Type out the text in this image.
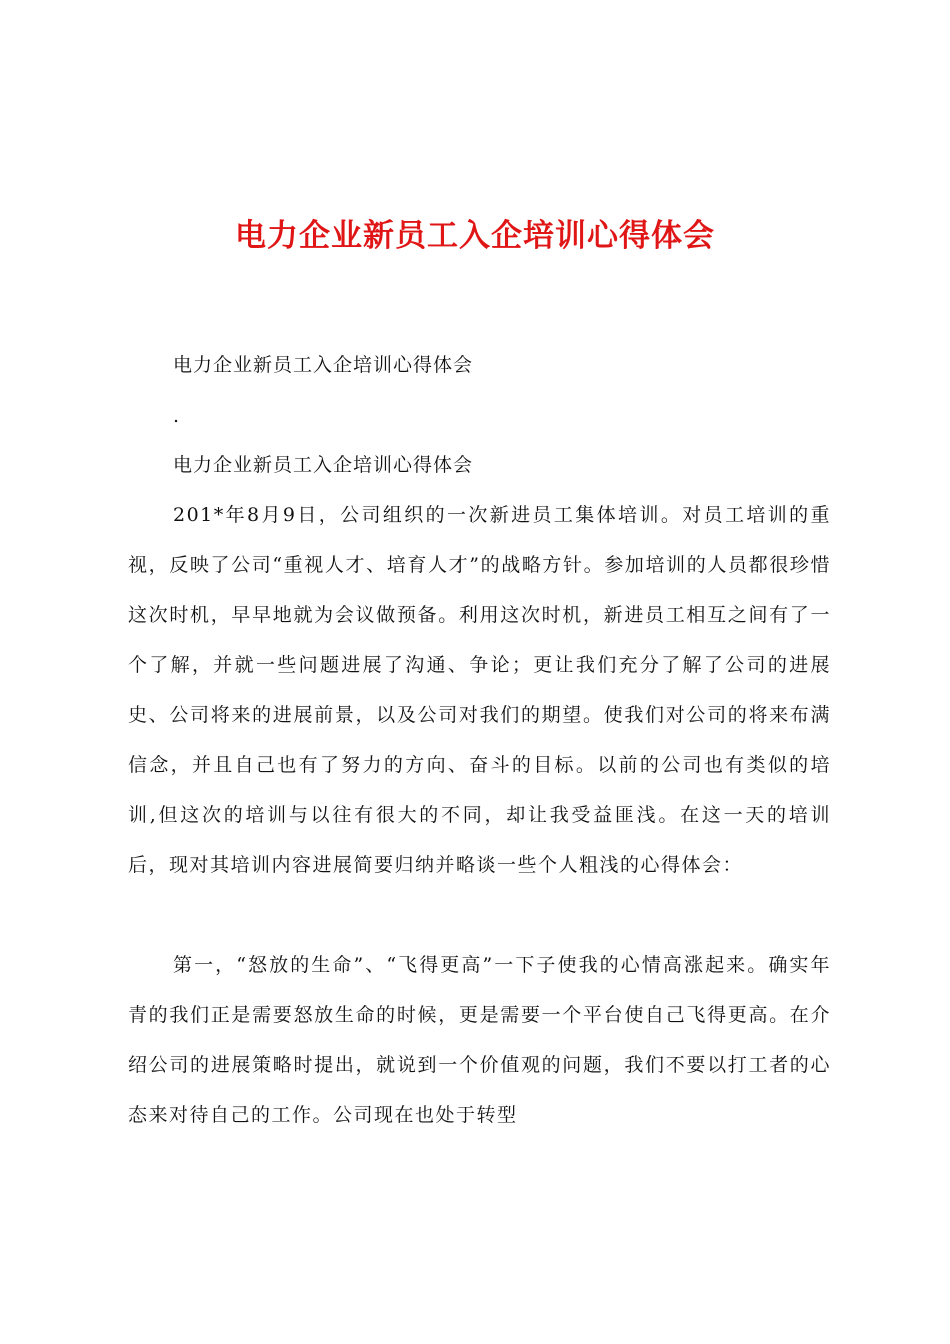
电力企业新员工入企培训心得体会

电力企业新员工入企培训心得体会

.

电力企业新员工入企培训心得体会

201*年8月9日，公司组织的一次新进员工集体培训。对员工培训的重视，反映了公司“重视人才、培育人才”的战略方针。参加培训的人员都很珍惜这次时机，早早地就为会议做预备。利用这次时机，新进员工相互之间有了一个了解，并就一些问题进展了沟通、争论；更让我们充分了解了公司的进展史、公司将来的进展前景，以及公司对我们的期望。使我们对公司的将来布满信念，并且自己也有了努力的方向、奋斗的目标。以前的公司也有类似的培训,但这次的培训与以往有很大的不同，却让我受益匪浅。在这一天的培训后，现对其培训内容进展简要归纳并略谈一些个人粗浅的心得体会：

第一，“怒放的生命”、“飞得更高”一下子使我的心情高涨起来。确实年青的我们正是需要怒放生命的时候，更是需要一个平台使自己飞得更高。在介绍公司的进展策略时提出，就说到一个价值观的问题，我们不要以打工者的心态来对待自己的工作。公司现在也处于转型
